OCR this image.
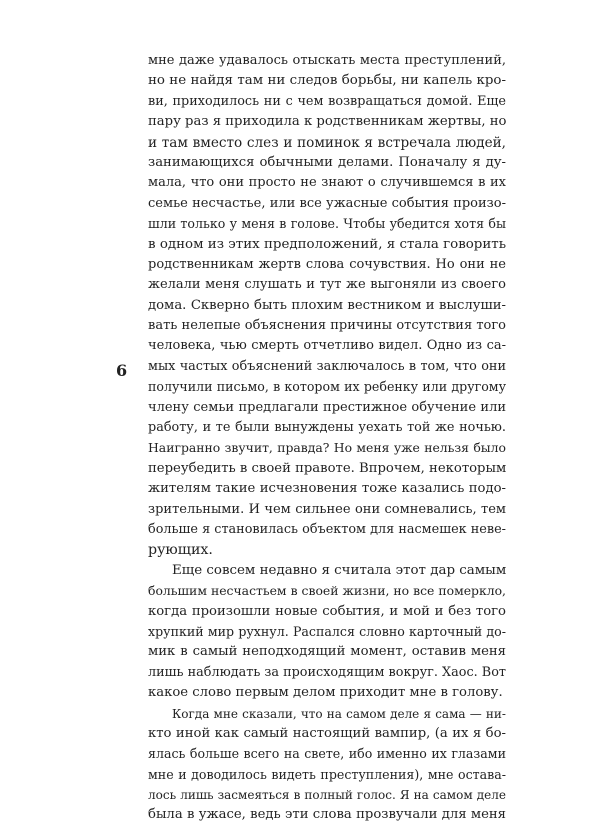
6
мне даже удавалось отыскать места преступлений,
но не найдя там ни следов борьбы, ни капель кро-
ви, приходилось ни с чем возвращаться домой. Еще
пару раз я приходила к родственникам жертвы, но
и там вместо слез и поминок я встречала людей,
занимающихся обычными делами. Поначалу я ду-
мала, что они просто не знают о случившемся в их
семье несчастье, или все ужасные события произо-
шли только у меня в голове. Чтобы убедится хотя бы
в одном из этих предположений, я стала говорить
родственникам жертв слова сочувствия. Но они не
желали меня слушать и тут же выгоняли из своего
дома. Скверно быть плохим вестником и выслуши-
вать нелепые объяснения причины отсутствия того
человека, чью смерть отчетливо видел. Одно из са-
мых частых объяснений заключалось в том, что они
получили письмо, в котором их ребенку или другому
члену семьи предлагали престижное обучение или
работу, и те были вынуждены уехать той же ночью.
Наигранно звучит, правда? Но меня уже нельзя было
переубедить в своей правоте. Впрочем, некоторым
жителям такие исчезновения тоже казались подо-
зрительными. И чем сильнее они сомневались, тем
больше я становилась объектом для насмешек невe-
рующих.
Еще совсем недавно я считала этот дар самым
большим несчастьем в своей жизни, но все помеpкло,
когда произошли новые события, и мой и без того
хрупкий мир рухнул. Распался словно карточный до-
мик в самый неподходящий момент, оставив меня
лишь наблюдать за происходящим вокруг. Хаос. Вот
какое слово первым делом приходит мне в голову.
Когда мне сказали, что на самом деле я сама — ни-
кто иной как самый настоящий вампир, (а их я бо-
ялась больше всего на свете, ибо именно их глазами
мне и доводилось видеть преступления), мне остава-
лось лишь засмеяться в полный голос. Я на самом деле
была в ужасе, ведь эти слова прозвучали для меня
